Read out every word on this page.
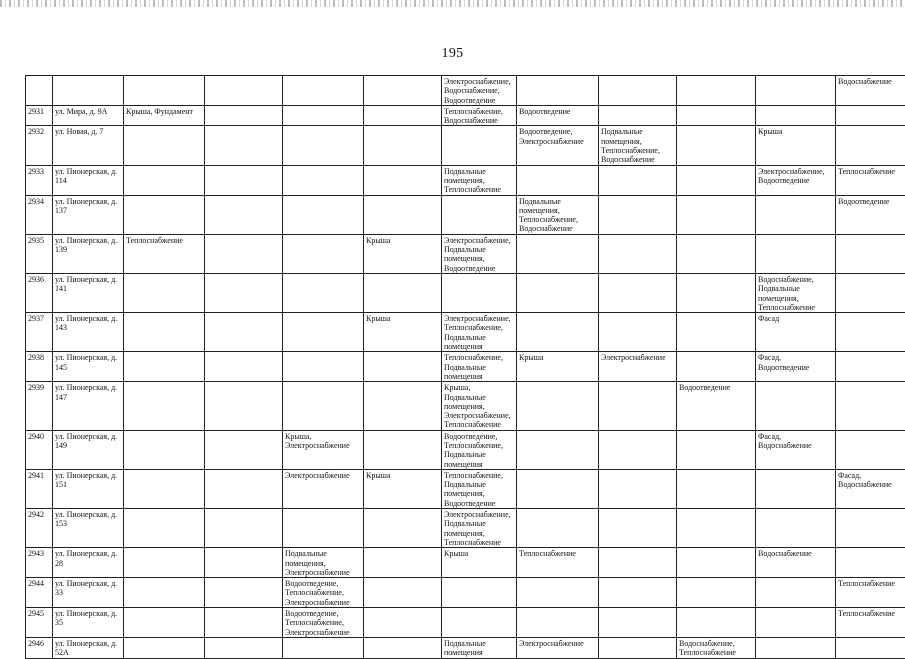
195
						Электроснабжение,
Водоснабжение,
Водоотведение					Водоснабжение
2931	ул. Мира, д. 9А	Крыша, Фундамент				Теплоснабжение,
Водоснабжение	Водоотведение				
2932	ул. Новая, д. 7						Водоотведение,
Электроснабжение	Подвальные
помещения,
Теплоснабжение,
Водоснабжение		Крыша	
2933	ул. Пионерская, д.
114					Подвальные
помещения,
Теплоснабжение				Электроснабжение,
Водоотведение	Теплоснабжение
2934	ул. Пионерская, д.
137						Подвальные
помещения,
Теплоснабжение,
Водоснабжение				Водоотведение
2935	ул. Пионерская, д.
139	Теплоснабжение			Крыша	Электроснабжение,
Подвальные
помещения,
Водоотведение					
2936	ул. Пионерская, д.
141									Водоснабжение,
Подвальные
помещения,
Теплоснабжение	
2937	ул. Пионерская, д.
143				Крыша	Электроснабжение,
Теплоснабжение,
Подвальные
помещения				Фасад	
2938	ул. Пионерская, д.
145					Теплоснабжение,
Подвальные
помещения	Крыша	Электроснабжение		Фасад,
Водоотведение	
2939	ул. Пионерская, д.
147					Крыша,
Подвальные
помещения,
Электроснабжение,
Теплоснабжение			Водоотведение		
2940	ул. Пионерская, д.
149			Крыша,
Электроснабжение		Водоотведение,
Теплоснабжение,
Подвальные
помещения				Фасад,
Водоснабжение	
2941	ул. Пионерская, д.
151			Электроснабжение	Крыша	Теплоснабжение,
Подвальные
помещения,
Водоотведение					Фасад,
Водоснабжение
2942	ул. Пионерская, д.
153					Электроснабжение,
Подвальные
помещения,
Теплоснабжение					
2943	ул. Пионерская, д.
28			Подвальные
помещения,
Электроснабжение		Крыша	Теплоснабжение			Водоснабжение	
2944	ул. Пионерская, д.
33			Водоотведение,
Теплоснабжение,
Электроснабжение							Теплоснабжение
2945	ул. Пионерская, д.
35			Водоотведение,
Теплоснабжение,
Электроснабжение							Теплоснабжение
2946	ул. Пионерская, д.
52А					Подвальные
помещения	Электроснабжение		Водоснабжение,
Теплоснабжение		
